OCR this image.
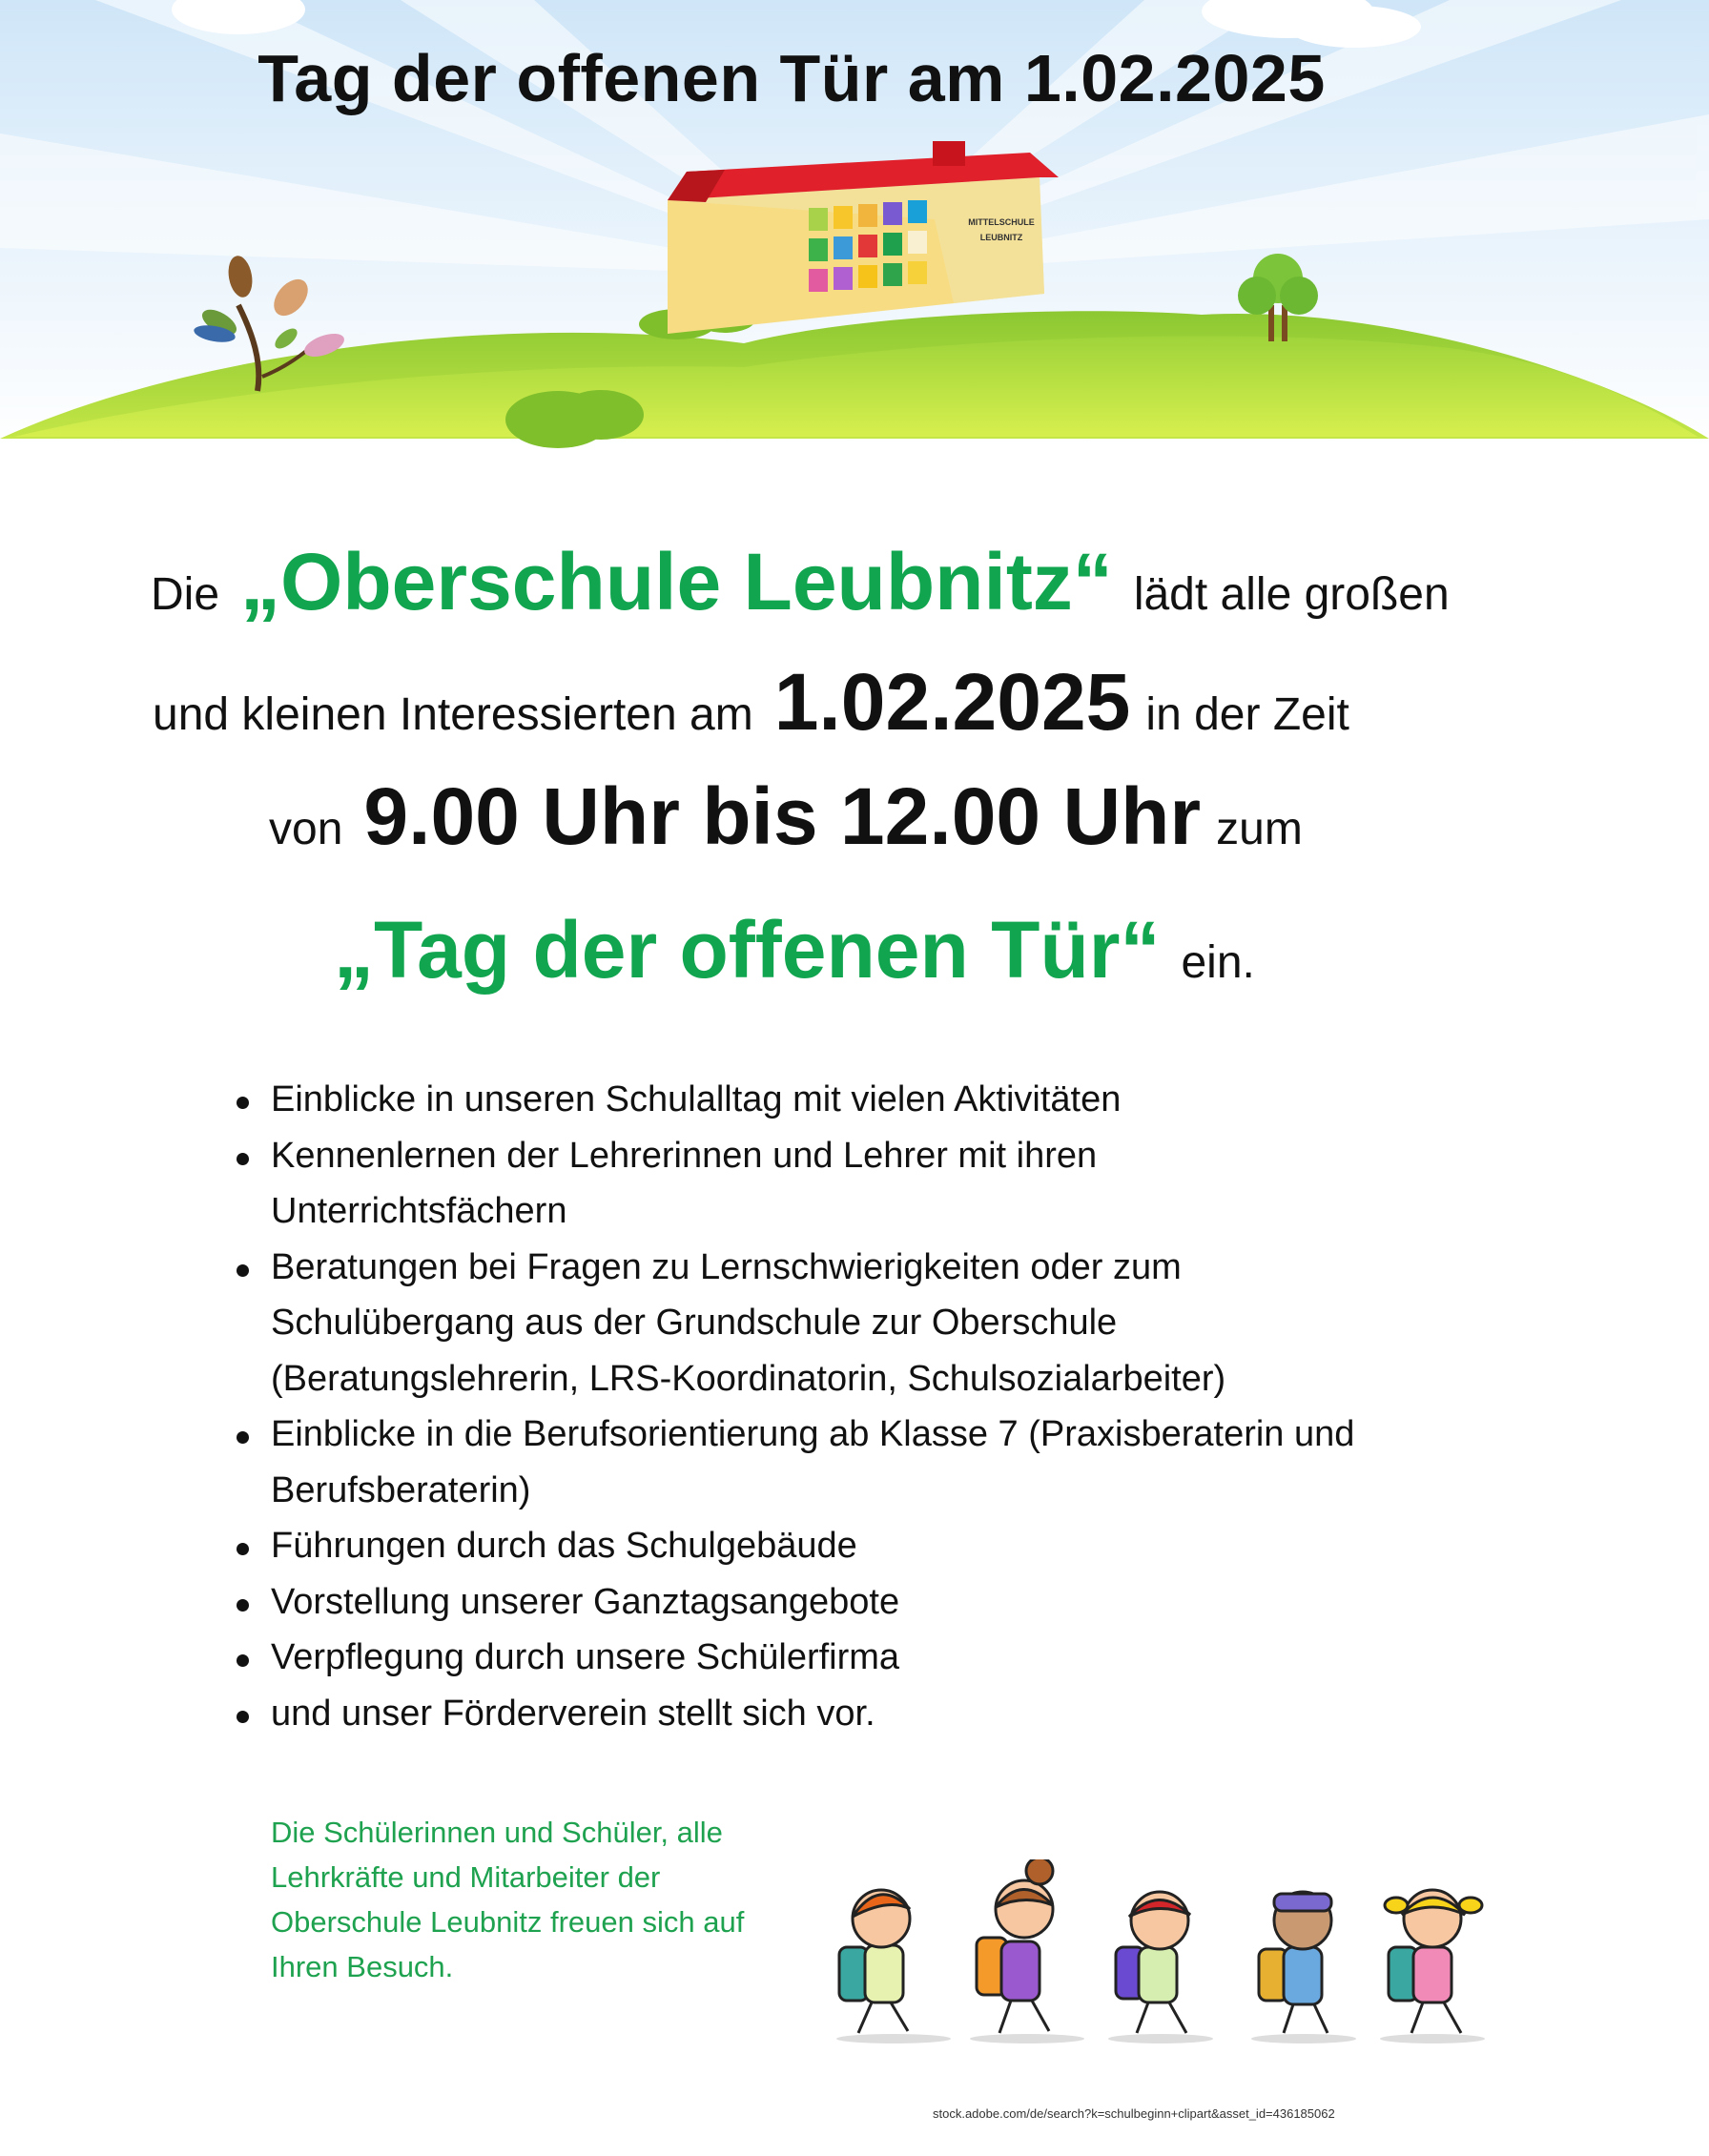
MITTELSCHULE
LEUBNITZ
Tag der offenen Tür am 1.02.2025
Die „Oberschule Leubnitz“ lädt alle großen
und kleinen Interessierten am 1.02.2025 in der Zeit
von 9.00 Uhr bis 12.00 Uhr zum
„Tag der offenen Tür“ ein.
Einblicke in unseren Schulalltag mit vielen Aktivitäten
Kennenlernen der Lehrerinnen und Lehrer mit ihren Unterrichtsfächern
Beratungen bei Fragen zu Lernschwierigkeiten oder zum Schulübergang aus der Grundschule zur Oberschule (Beratungslehrerin, LRS-Koordinatorin, Schulsozialarbeiter)
Einblicke in die Berufsorientierung ab Klasse 7 (Praxisberaterin und Berufsberaterin)
Führungen durch das Schulgebäude
Vorstellung unserer Ganztagsangebote
Verpflegung durch unsere Schülerfirma
und unser Förderverein stellt sich vor.
Die Schülerinnen und Schüler, alle Lehrkräfte und Mitarbeiter der Oberschule Leubnitz freuen sich auf Ihren Besuch.
stock.adobe.com/de/search?k=schulbeginn+clipart&asset_id=436185062
